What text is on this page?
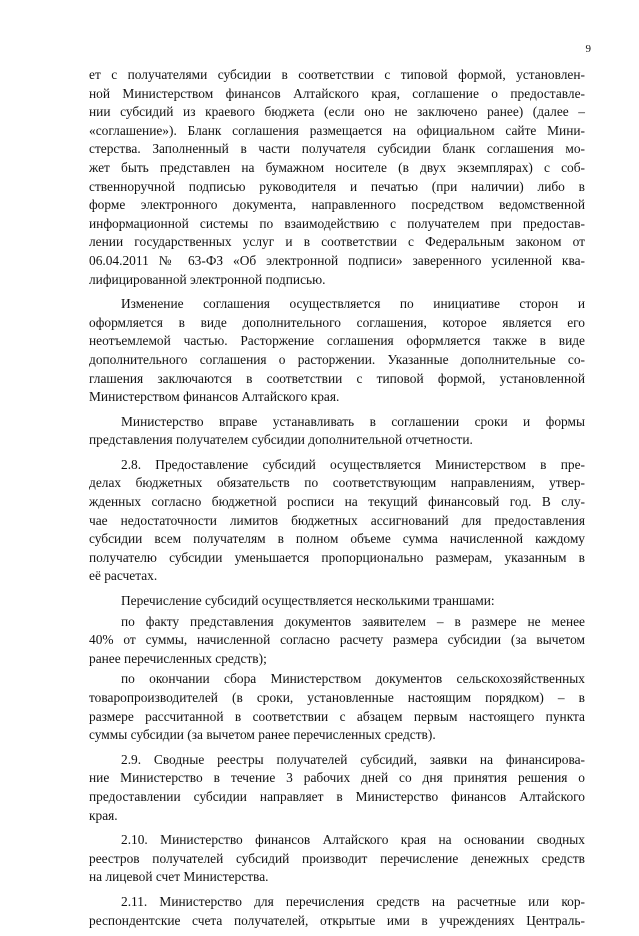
9
ет с получателями субсидии в соответствии с типовой формой, установлен-
ной Министерством финансов Алтайского края, соглашение о предоставле-
нии субсидий из краевого бюджета (если оно не заключено ранее) (далее –
«соглашение»). Бланк соглашения размещается на официальном сайте Мини-
стерства. Заполненный в части получателя субсидии бланк соглашения мо-
жет быть представлен на бумажном носителе (в двух экземплярах) с соб-
ственноручной подписью руководителя и печатью (при наличии) либо в
форме электронного документа, направленного посредством ведомственной
информационной системы по взаимодействию с получателем при предостав-
лении государственных услуг и в соответствии с Федеральным законом от
06.04.2011 № 63-ФЗ «Об электронной подписи» заверенного усиленной ква-
лифицированной электронной подписью.
Изменение соглашения осуществляется по инициативе сторон и
оформляется в виде дополнительного соглашения, которое является его
неотъемлемой частью. Расторжение соглашения оформляется также в виде
дополнительного соглашения о расторжении. Указанные дополнительные со-
глашения заключаются в соответствии с типовой формой, установленной
Министерством финансов Алтайского края.
Министерство вправе устанавливать в соглашении сроки и формы
представления получателем субсидии дополнительной отчетности.
2.8. Предоставление субсидий осуществляется Министерством в пре-
делах бюджетных обязательств по соответствующим направлениям, утвер-
жденных согласно бюджетной росписи на текущий финансовый год. В слу-
чае недостаточности лимитов бюджетных ассигнований для предоставления
субсидии всем получателям в полном объеме сумма начисленной каждому
получателю субсидии уменьшается пропорционально размерам, указанным в
её расчетах.
Перечисление субсидий осуществляется несколькими траншами:
по факту представления документов заявителем – в размере не менее
40% от суммы, начисленной согласно расчету размера субсидии (за вычетом
ранее перечисленных средств);
по окончании сбора Министерством документов сельскохозяйственных
товаропроизводителей (в сроки, установленные настоящим порядком) – в
размере рассчитанной в соответствии с абзацем первым настоящего пункта
суммы субсидии (за вычетом ранее перечисленных средств).
2.9. Сводные реестры получателей субсидий, заявки на финансирова-
ние Министерство в течение 3 рабочих дней со дня принятия решения о
предоставлении субсидии направляет в Министерство финансов Алтайского
края.
2.10. Министерство финансов Алтайского края на основании сводных
реестров получателей субсидий производит перечисление денежных средств
на лицевой счет Министерства.
2.11. Министерство для перечисления средств на расчетные или кор-
респондентские счета получателей, открытые ими в учреждениях Централь-
